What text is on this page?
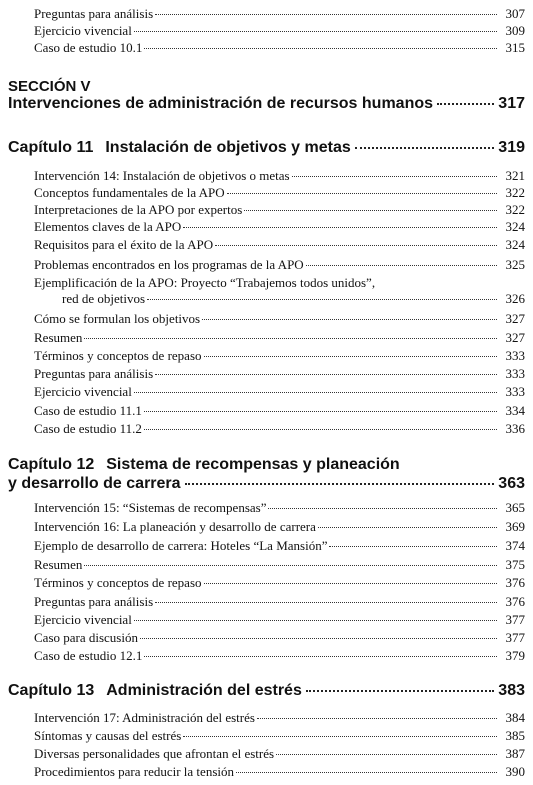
Preguntas para análisis	307
Ejercicio vivencial	309
Caso de estudio 10.1	315
SECCIÓN V
Intervenciones de administración de recursos humanos	317
Capítulo 11 Instalación de objetivos y metas	319
Intervención 14: Instalación de objetivos o metas	321
Conceptos fundamentales de la APO	322
Interpretaciones de la APO por expertos	322
Elementos claves de la APO	324
Requisitos para el éxito de la APO	324
Problemas encontrados en los programas de la APO	325
Ejemplificación de la APO: Proyecto “Trabajemos todos unidos”,
red de objetivos	326
Cómo se formulan los objetivos	327
Resumen	327
Términos y conceptos de repaso	333
Preguntas para análisis	333
Ejercicio vivencial	333
Caso de estudio 11.1	334
Caso de estudio 11.2	336
Capítulo 12 Sistema de recompensas y planeación
y desarrollo de carrera	363
Intervención 15: “Sistemas de recompensas”	365
Intervención 16: La planeación y desarrollo de carrera	369
Ejemplo de desarrollo de carrera: Hoteles “La Mansión”	374
Resumen	375
Términos y conceptos de repaso	376
Preguntas para análisis	376
Ejercicio vivencial	377
Caso para discusión	377
Caso de estudio 12.1	379
Capítulo 13 Administración del estrés	383
Intervención 17: Administración del estrés	384
Síntomas y causas del estrés	385
Diversas personalidades que afrontan el estrés	387
Procedimientos para reducir la tensión	390
